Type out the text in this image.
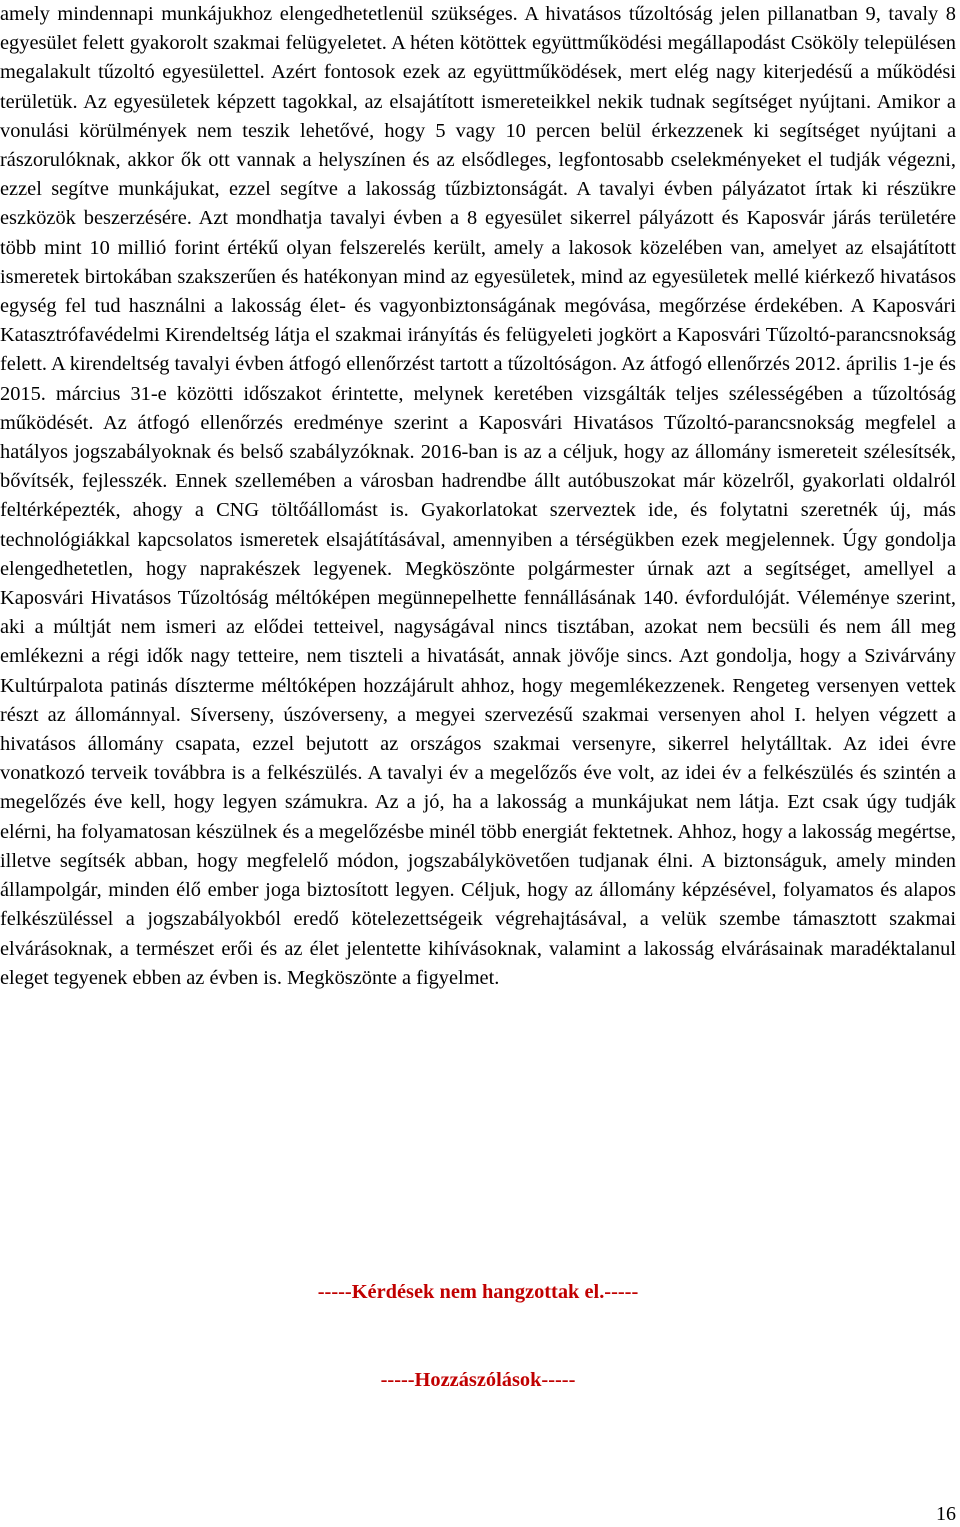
amely mindennapi munkájukhoz elengedhetetlenül szükséges. A hivatásos tűzoltóság jelen pillanatban 9, tavaly 8 egyesület felett gyakorolt szakmai felügyeletet. A héten kötöttek együttműködési megállapodást Csököly településen megalakult tűzoltó egyesülettel. Azért fontosok ezek az együttműködések, mert elég nagy kiterjedésű a működési területük. Az egyesületek képzett tagokkal, az elsajátított ismereteikkel nekik tudnak segítséget nyújtani. Amikor a vonulási körülmények nem teszik lehetővé, hogy 5 vagy 10 percen belül érkezzenek ki segítséget nyújtani a rászorulóknak, akkor ők ott vannak a helyszínen és az elsődleges, legfontosabb cselekményeket el tudják végezni, ezzel segítve munkájukat, ezzel segítve a lakosság tűzbiztonságát. A tavalyi évben pályázatot írtak ki részükre eszközök beszerzésére. Azt mondhatja tavalyi évben a 8 egyesület sikerrel pályázott és Kaposvár járás területére több mint 10 millió forint értékű olyan felszerelés került, amely a lakosok közelében van, amelyet az elsajátított ismeretek birtokában szakszerűen és hatékonyan mind az egyesületek, mind az egyesületek mellé kiérkező hivatásos egység fel tud használni a lakosság élet- és vagyonbiztonságának megóvása, megőrzése érdekében. A Kaposvári Katasztrófavédelmi Kirendeltség látja el szakmai irányítás és felügyeleti jogkört a Kaposvári Tűzoltó-parancsnokság felett. A kirendeltség tavalyi évben átfogó ellenőrzést tartott a tűzoltóságon. Az átfogó ellenőrzés 2012. április 1-je és 2015. március 31-e közötti időszakot érintette, melynek keretében vizsgálták teljes szélességében a tűzoltóság működését. Az átfogó ellenőrzés eredménye szerint a Kaposvári Hivatásos Tűzoltó-parancsnokság megfelel a hatályos jogszabályoknak és belső szabályzóknak. 2016-ban is az a céljuk, hogy az állomány ismereteit szélesítsék, bővítsék, fejlesszék. Ennek szellemében a városban hadrendbe állt autóbuszokat már közelről, gyakorlati oldalról feltérképezték, ahogy a CNG töltőállomást is. Gyakorlatokat szerveztek ide, és folytatni szeretnék új, más technológiákkal kapcsolatos ismeretek elsajátításával, amennyiben a térségükben ezek megjelennek. Úgy gondolja elengedhetetlen, hogy naprakészek legyenek. Megköszönte polgármester úrnak azt a segítséget, amellyel a Kaposvári Hivatásos Tűzoltóság méltóképen megünnepelhette fennállásának 140. évfordulóját. Véleménye szerint, aki a múltját nem ismeri az elődei tetteivel, nagyságával nincs tisztában, azokat nem becsüli és nem áll meg emlékezni a régi idők nagy tetteire, nem tiszteli a hivatását, annak jövője sincs. Azt gondolja, hogy a Szivárvány Kultúrpalota patinás díszterme méltóképen hozzájárult ahhoz, hogy megemlékezzenek. Rengeteg versenyen vettek részt az állománnyal. Síverseny, úszóverseny, a megyei szervezésű szakmai versenyen ahol I. helyen végzett a hivatásos állomány csapata, ezzel bejutott az országos szakmai versenyre, sikerrel helytálltak. Az idei évre vonatkozó terveik továbbra is a felkészülés. A tavalyi év a megelőzős éve volt, az idei év a felkészülés és szintén a megelőzés éve kell, hogy legyen számukra. Az a jó, ha a lakosság a munkájukat nem látja. Ezt csak úgy tudják elérni, ha folyamatosan készülnek és a megelőzésbe minél több energiát fektetnek. Ahhoz, hogy a lakosság megértse, illetve segítsék abban, hogy megfelelő módon, jogszabálykövetően tudjanak élni. A biztonságuk, amely minden állampolgár, minden élő ember joga biztosított legyen. Céljuk, hogy az állomány képzésével, folyamatos és alapos felkészüléssel a jogszabályokból eredő kötelezettségeik végrehajtásával, a velük szembe támasztott szakmai elvárásoknak, a természet erői és az élet jelentette kihívásoknak, valamint a lakosság elvárásainak maradéktalanul eleget tegyenek ebben az évben is. Megköszönte a figyelmet.

-----Kérdések nem hangzottak el.-----

-----Hozzászólások-----

16
